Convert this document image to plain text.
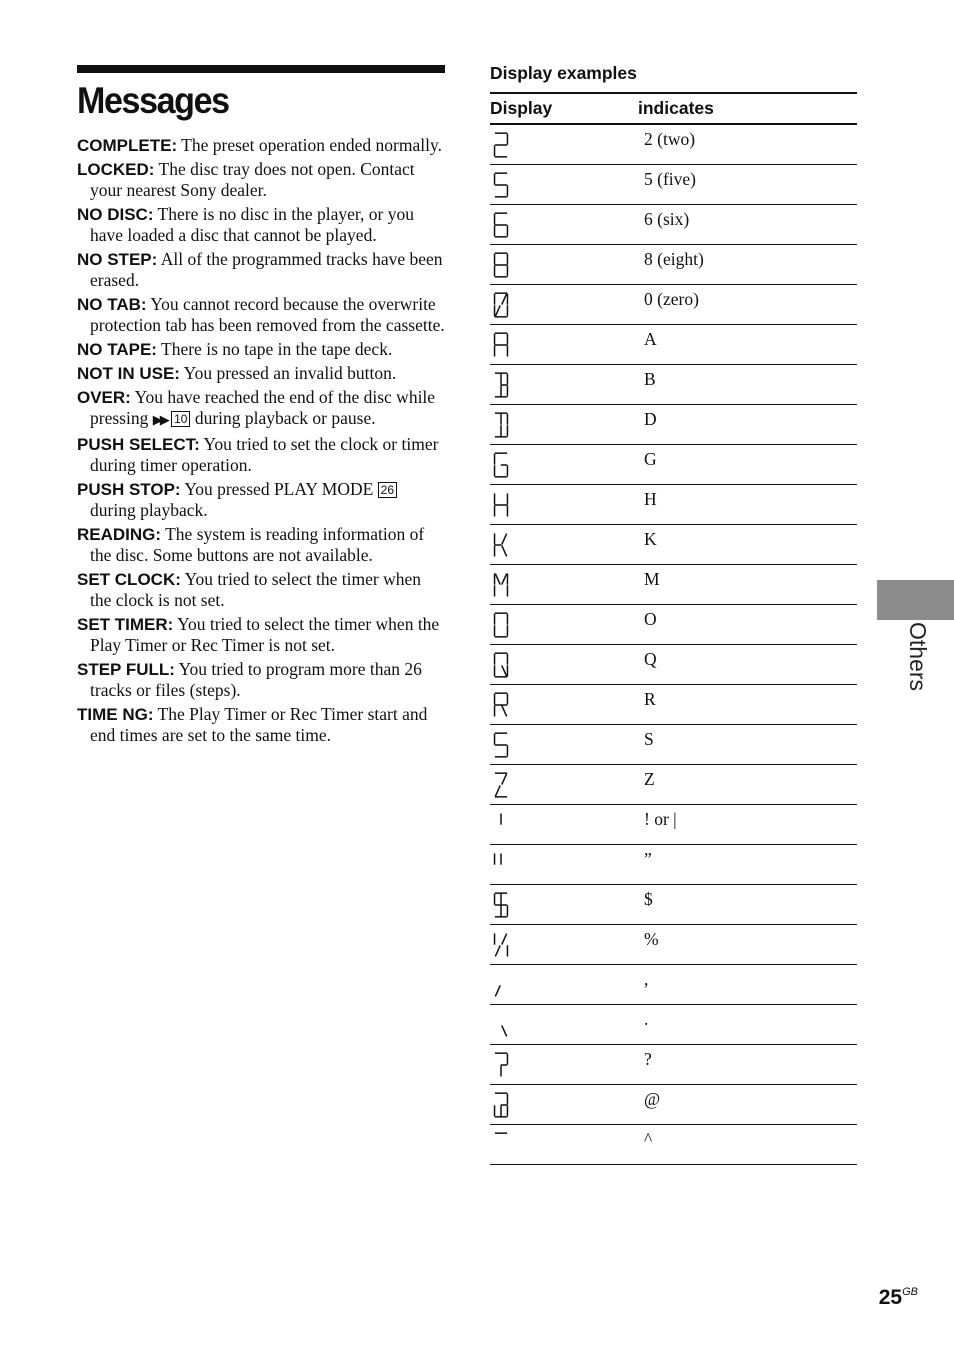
Messages
COMPLETE: The preset operation ended normally.
LOCKED: The disc tray does not open. Contact your nearest Sony dealer.
NO DISC: There is no disc in the player, or you have loaded a disc that cannot be played.
NO STEP: All of the programmed tracks have been erased.
NO TAB: You cannot record because the overwrite protection tab has been removed from the cassette.
NO TAPE: There is no tape in the tape deck.
NOT IN USE: You pressed an invalid button.
OVER: You have reached the end of the disc while pressing ▶▶ 10 during playback or pause.
PUSH SELECT: You tried to set the clock or timer during timer operation.
PUSH STOP: You pressed PLAY MODE 26 during playback.
READING: The system is reading information of the disc. Some buttons are not available.
SET CLOCK: You tried to select the timer when the clock is not set.
SET TIMER: You tried to select the timer when the Play Timer or Rec Timer is not set.
STEP FULL: You tried to program more than 26 tracks or files (steps).
TIME NG: The Play Timer or Rec Timer start and end times are set to the same time.
Display examples
Display	indicates

	2 (two)

	5 (five)

	6 (six)

	8 (eight)

	0 (zero)

	A

	B

	D

	G

	H

	K

	M

	O

	Q

	R

	S

	Z

	! or |

	”

	$

	%

	,

	.

	?

	@

	^
Others
$25^{GB}$
